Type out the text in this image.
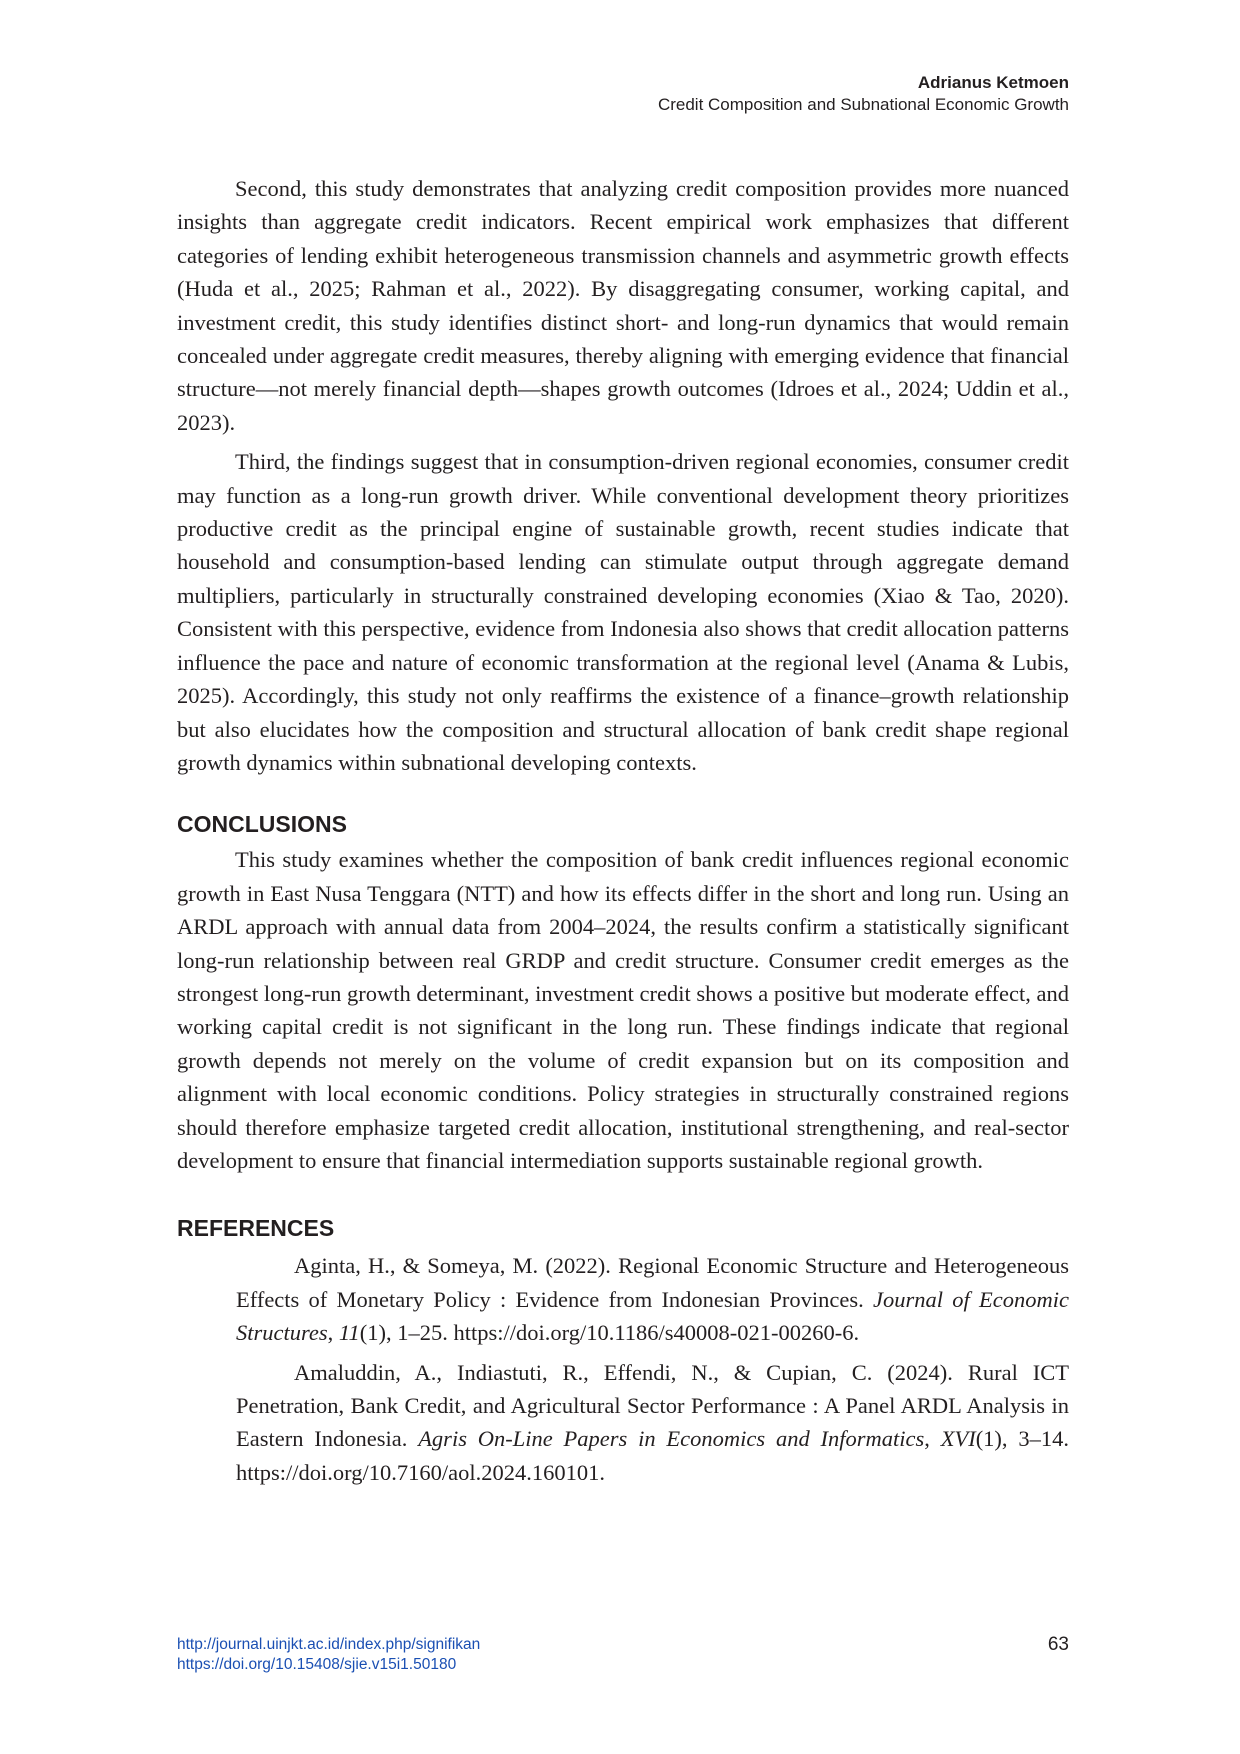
Adrianus Ketmoen
Credit Composition and Subnational Economic Growth

Second, this study demonstrates that analyzing credit composition provides more nuanced insights than aggregate credit indicators. Recent empirical work emphasizes that different categories of lending exhibit heterogeneous transmission channels and asymmetric growth effects (Huda et al., 2025; Rahman et al., 2022). By disaggregating consumer, working capital, and investment credit, this study identifies distinct short- and long-run dynamics that would remain concealed under aggregate credit measures, thereby aligning with emerging evidence that financial structure—not merely financial depth—shapes growth outcomes (Idroes et al., 2024; Uddin et al., 2023).

Third, the findings suggest that in consumption-driven regional economies, consumer credit may function as a long-run growth driver. While conventional development theory prioritizes productive credit as the principal engine of sustainable growth, recent studies indicate that household and consumption-based lending can stimulate output through aggregate demand multipliers, particularly in structurally constrained developing economies (Xiao & Tao, 2020). Consistent with this perspective, evidence from Indonesia also shows that credit allocation patterns influence the pace and nature of economic transformation at the regional level (Anama & Lubis, 2025). Accordingly, this study not only reaffirms the existence of a finance–growth relationship but also elucidates how the composition and structural allocation of bank credit shape regional growth dynamics within subnational developing contexts.

CONCLUSIONS

This study examines whether the composition of bank credit influences regional economic growth in East Nusa Tenggara (NTT) and how its effects differ in the short and long run. Using an ARDL approach with annual data from 2004–2024, the results confirm a statistically significant long-run relationship between real GRDP and credit structure. Consumer credit emerges as the strongest long-run growth determinant, investment credit shows a positive but moderate effect, and working capital credit is not significant in the long run. These findings indicate that regional growth depends not merely on the volume of credit expansion but on its composition and alignment with local economic conditions. Policy strategies in structurally constrained regions should therefore emphasize targeted credit allocation, institutional strengthening, and real-sector development to ensure that financial intermediation supports sustainable regional growth.

REFERENCES

Aginta, H., & Someya, M. (2022). Regional Economic Structure and Heterogeneous Effects of Monetary Policy : Evidence from Indonesian Provinces. Journal of Economic Structures, 11(1), 1–25. https://doi.org/10.1186/s40008-021-00260-6.

Amaluddin, A., Indiastuti, R., Effendi, N., & Cupian, C. (2024). Rural ICT Penetration, Bank Credit, and Agricultural Sector Performance : A Panel ARDL Analysis in Eastern Indonesia. Agris On-Line Papers in Economics and Informatics, XVI(1), 3–14. https://doi.org/10.7160/aol.2024.160101.

http://journal.uinjkt.ac.id/index.php/signifikan
https://doi.org/10.15408/sjie.v15i1.50180
63
